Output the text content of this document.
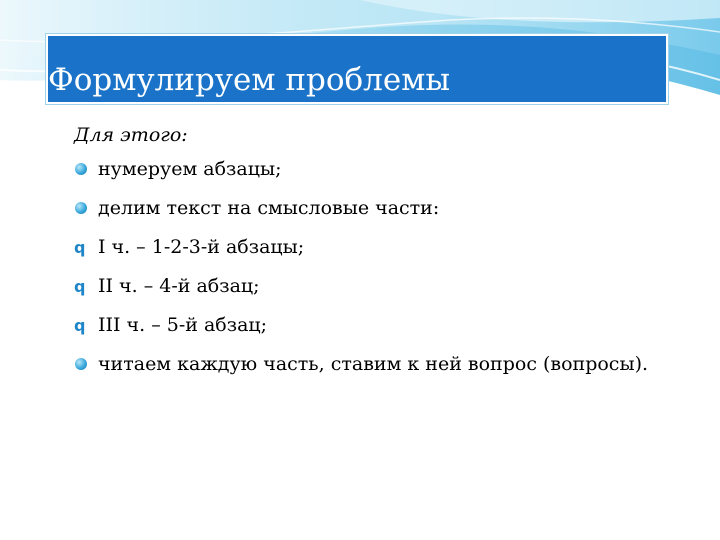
Формулируем проблемы
Для этого:
нумеруем абзацы;
делим текст на смысловые части:
q I ч. – 1-2-3-й абзацы;
q II ч. – 4-й абзац;
q III ч. – 5-й абзац;
читаем каждую часть, ставим к ней вопрос (вопросы).
